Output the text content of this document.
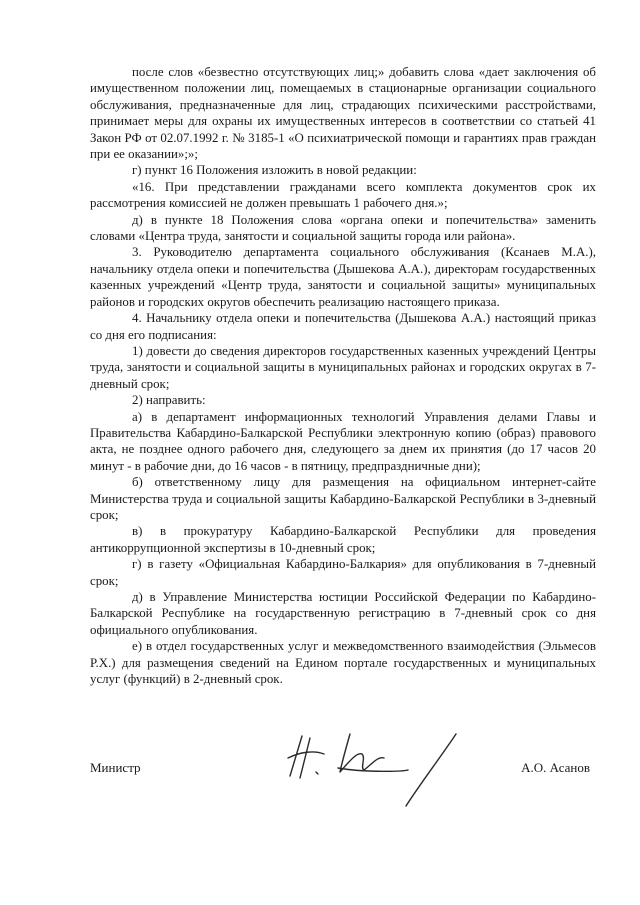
после слов «безвестно отсутствующих лиц;» добавить слова «дает заключения об имущественном положении лиц, помещаемых в стационарные организации социального обслуживания, предназначенные для лиц, страдающих психическими расстройствами, принимает меры для охраны их имущественных интересов в соответствии со статьей 41 Закон РФ от 02.07.1992 г. № 3185-1 «О психиатрической помощи и гарантиях прав граждан при ее оказании»;»;

г) пункт 16 Положения изложить в новой редакции:

«16. При представлении гражданами всего комплекта документов срок их рассмотрения комиссией не должен превышать 1 рабочего дня.»;

д) в пункте 18 Положения слова «органа опеки и попечительства» заменить словами «Центра труда, занятости и социальной защиты города или района».

3. Руководителю департамента социального обслуживания (Ксанаев М.А.), начальнику отдела опеки и попечительства (Дышекова А.А.), директорам государственных казенных учреждений «Центр труда, занятости и социальной защиты» муниципальных районов и городских округов обеспечить реализацию настоящего приказа.

4. Начальнику отдела опеки и попечительства (Дышекова А.А.) настоящий приказ со дня его подписания:

1) довести до сведения директоров государственных казенных учреждений Центры труда, занятости и социальной защиты в муниципальных районах и городских округах в 7-дневный срок;

2) направить:

а) в департамент информационных технологий Управления делами Главы и Правительства Кабардино-Балкарской Республики электронную копию (образ) правового акта, не позднее одного рабочего дня, следующего за днем их принятия (до 17 часов 20 минут - в рабочие дни, до 16 часов - в пятницу, предпраздничные дни);

б) ответственному лицу для размещения на официальном интернет-сайте Министерства труда и социальной защиты Кабардино-Балкарской Республики в 3-дневный срок;

в) в прокуратуру Кабардино-Балкарской Республики для проведения антикоррупционной экспертизы в 10-дневный срок;

г) в газету «Официальная Кабардино-Балкария» для опубликования в 7-дневный срок;

д) в Управление Министерства юстиции Российской Федерации по Кабардино-Балкарской Республике на государственную регистрацию в 7-дневный срок со дня официального опубликования.

е) в отдел государственных услуг и межведомственного взаимодействия (Эльмесов Р.Х.) для размещения сведений на Едином портале государственных и муниципальных услуг (функций) в 2-дневный срок.

Министр	А.О. Асанов
